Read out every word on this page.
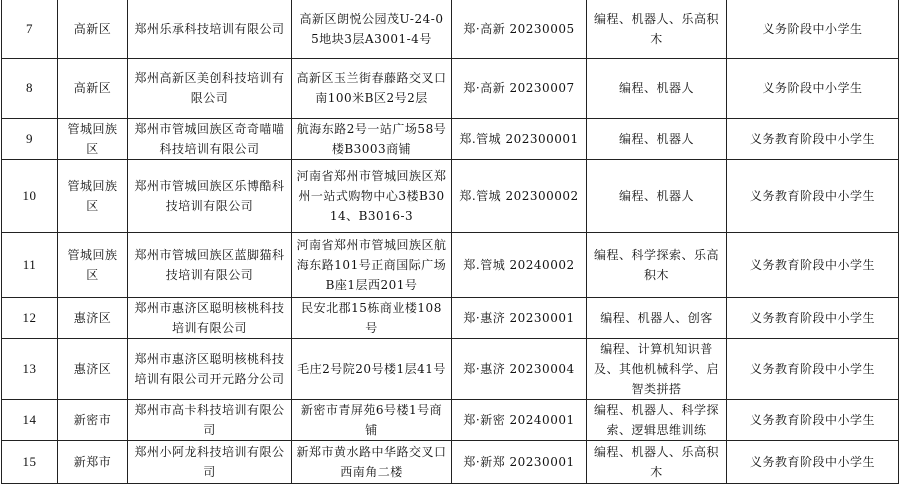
7	高新区	郑州乐承科技培训有限公司	高新区朗悦公园茂U-24-05地块3层A3001-4号	郑·高新 20230005	编程、机器人、乐高积木	义务阶段中小学生
8	高新区	郑州高新区美创科技培训有限公司	高新区玉兰街春藤路交叉口南100米B区2号2层	郑·高新 20230007	编程、机器人	义务阶段中小学生
9	管城回族区	郑州市管城回族区奇奇喵喵科技培训有限公司	航海东路2号一站广场58号楼B3003商铺	郑.管城 202300001	编程、机器人	义务教育阶段中小学生
10	管城回族区	郑州市管城回族区乐博酷科技培训有限公司	河南省郑州市管城回族区郑州一站式购物中心3楼B3014、B3016-3	郑.管城 202300002	编程、机器人	义务教育阶段中小学生
11	管城回族区	郑州市管城回族区蓝脚猫科技培训有限公司	河南省郑州市管城回族区航海东路101号正商国际广场B座1层西201号	郑.管城 20240002	编程、科学探索、乐高积木	义务教育阶段中小学生
12	惠济区	郑州市惠济区聪明核桃科技培训有限公司	民安北郡15栋商业楼108号	郑·惠济 20230001	编程、机器人、创客	义务教育阶段中小学生
13	惠济区	郑州市惠济区聪明核桃科技培训有限公司开元路分公司	毛庄2号院20号楼1层41号	郑·惠济 20230004	编程、计算机知识普及、其他机械科学、启智类拼搭	义务教育阶段中小学生
14	新密市	郑州市高卡科技培训有限公司	新密市青屏苑6号楼1号商铺	郑·新密 20240001	编程、机器人、科学探索、逻辑思维训练	义务教育阶段中小学生
15	新郑市	郑州小阿龙科技培训有限公司	新郑市黄水路中华路交叉口西南角二楼	郑·新郑 20230001	编程、机器人、乐高积木	义务教育阶段中小学生
